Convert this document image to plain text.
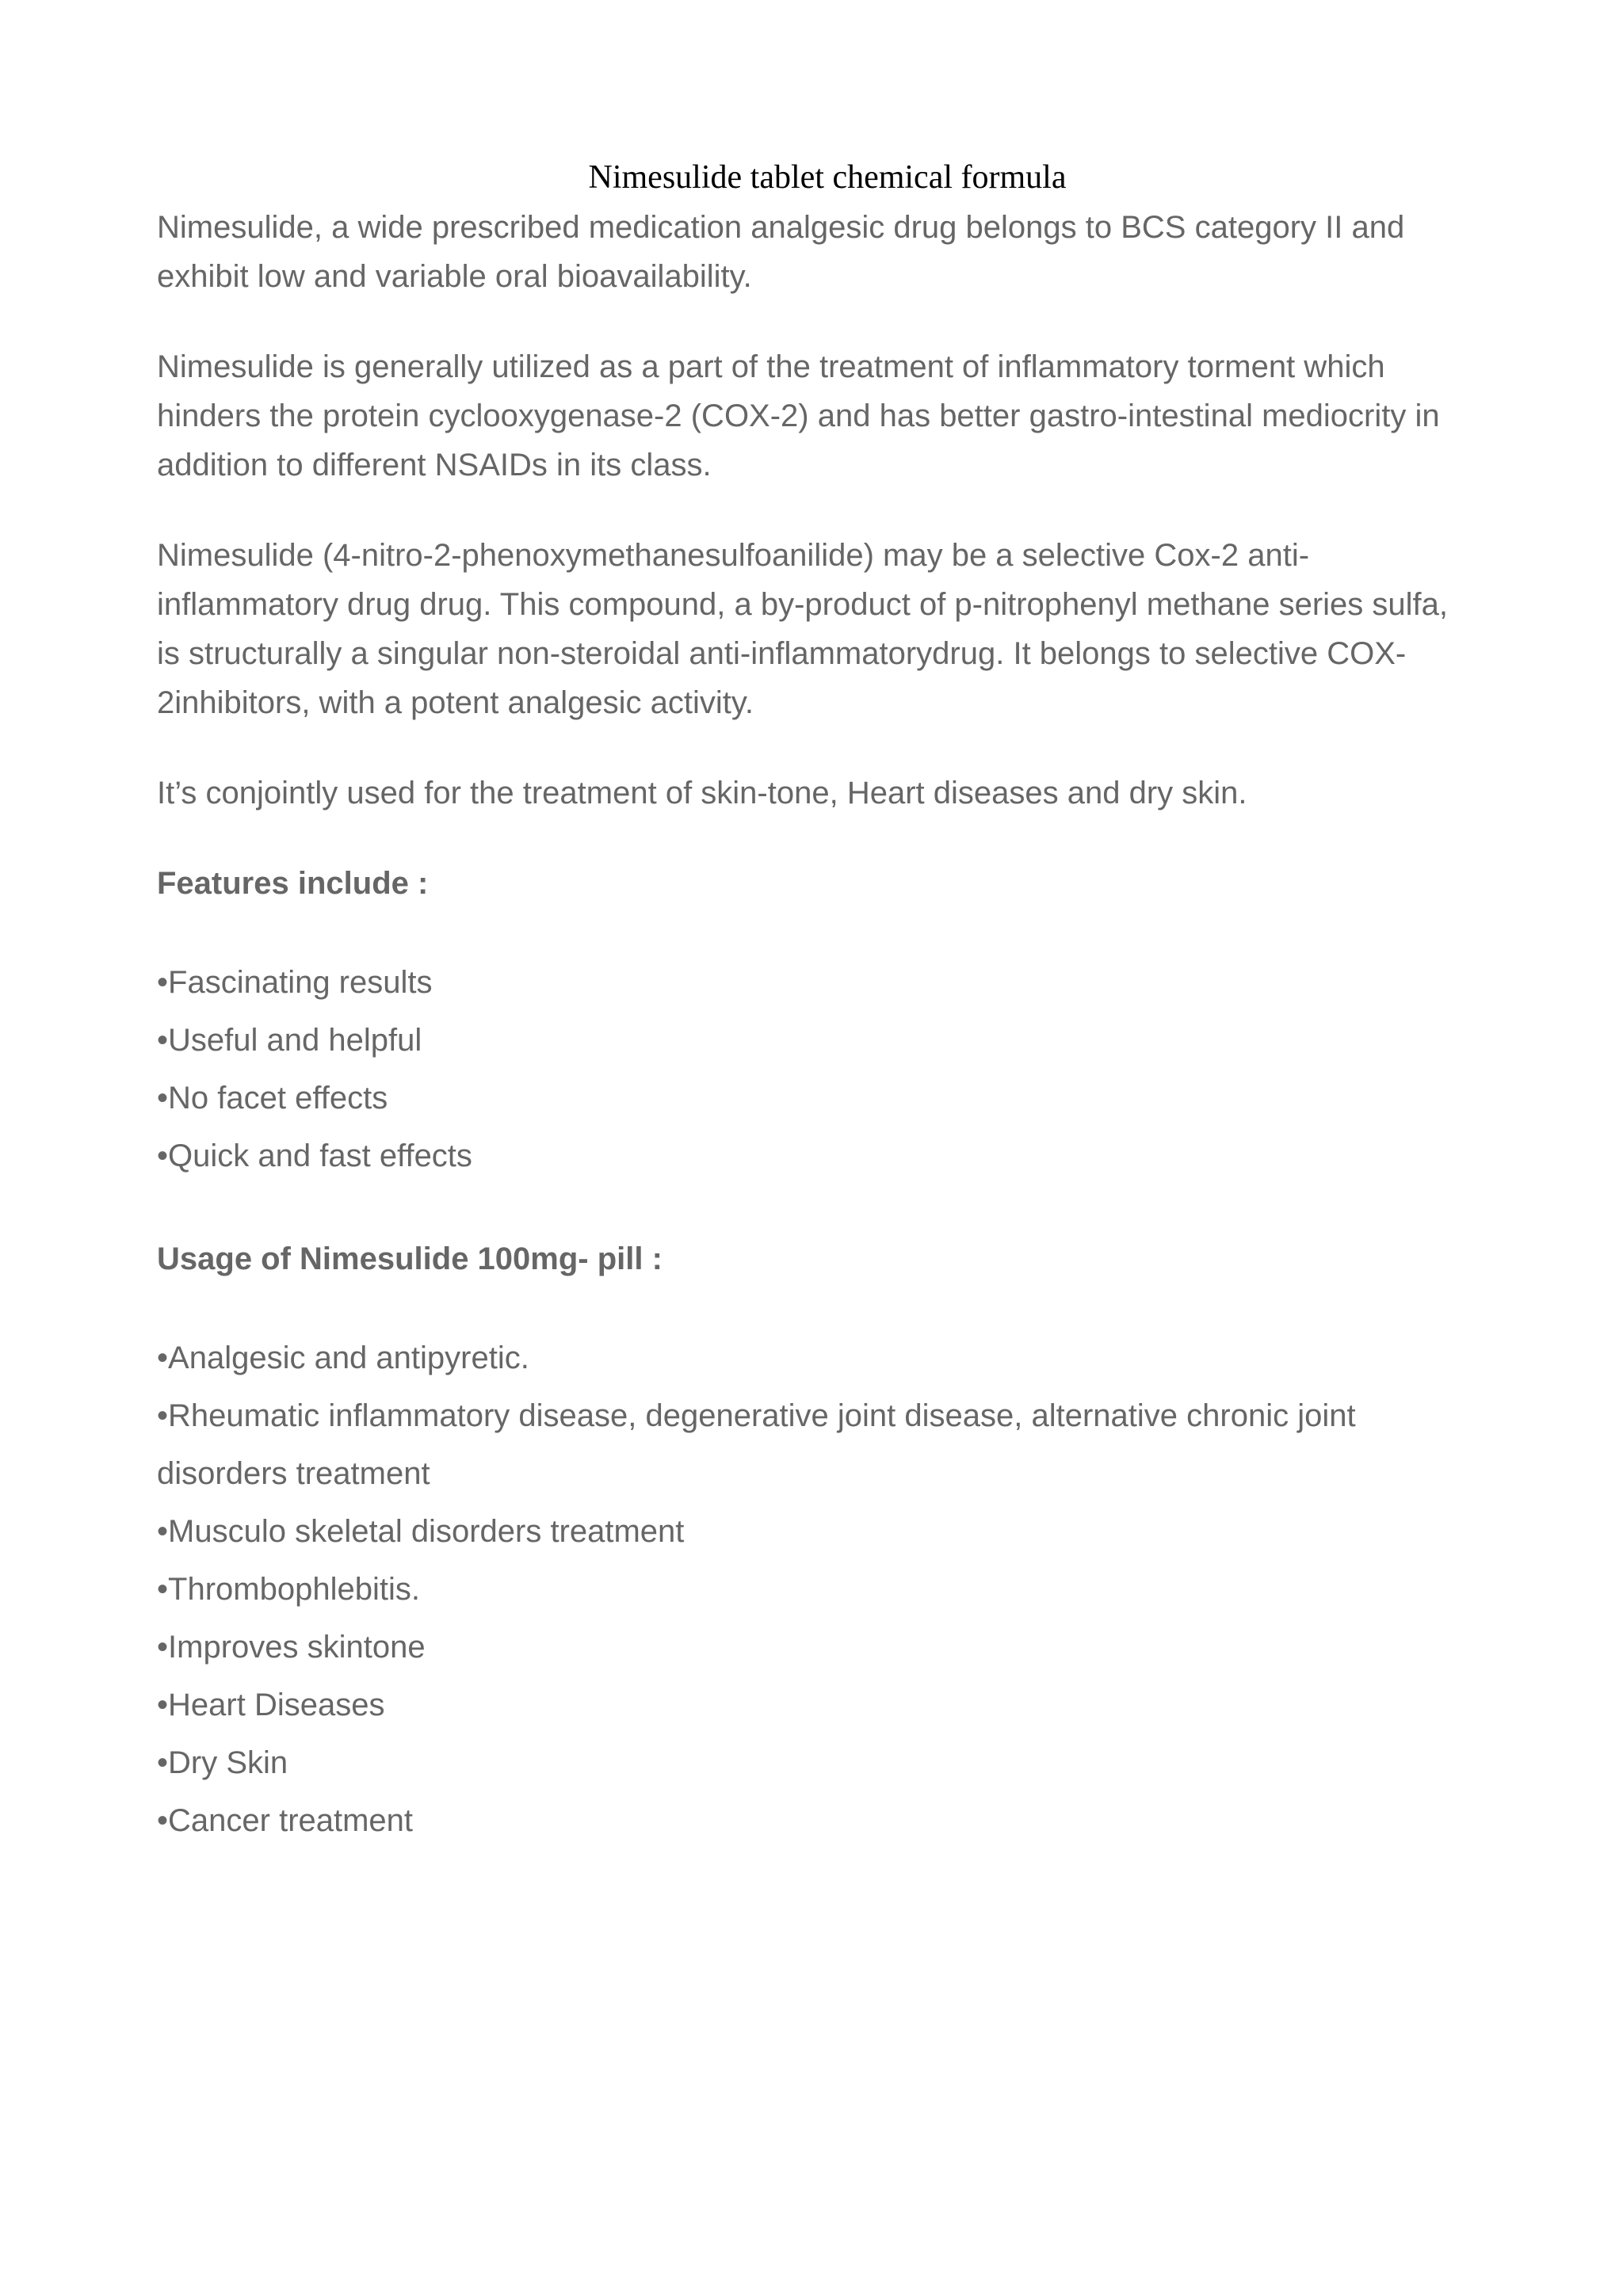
Nimesulide tablet chemical formula

Nimesulide, a wide prescribed medication analgesic drug belongs to BCS category II and exhibit low and variable oral bioavailability.

Nimesulide is generally utilized as a part of the treatment of inflammatory torment which hinders the protein cyclooxygenase-2 (COX-2) and has better gastro-intestinal mediocrity in addition to different NSAIDs in its class.

Nimesulide (4-nitro-2-phenoxymethanesulfoanilide) may be a selective Cox-2 anti-inflammatory drug drug. This compound, a by-product of p-nitrophenyl methane series sulfa, is structurally a singular non-steroidal anti-inflammatorydrug. It belongs to selective COX-2inhibitors, with a potent analgesic activity.

It’s conjointly used for the treatment of skin-tone, Heart diseases and dry skin.

Features include :

•Fascinating results
•Useful and helpful
•No facet effects
•Quick and fast effects

Usage of Nimesulide 100mg- pill :

•Analgesic and antipyretic.
•Rheumatic inflammatory disease, degenerative joint disease, alternative chronic joint disorders treatment
•Musculo skeletal disorders treatment
•Thrombophlebitis.
•Improves skintone
•Heart Diseases
•Dry Skin
•Cancer treatment
